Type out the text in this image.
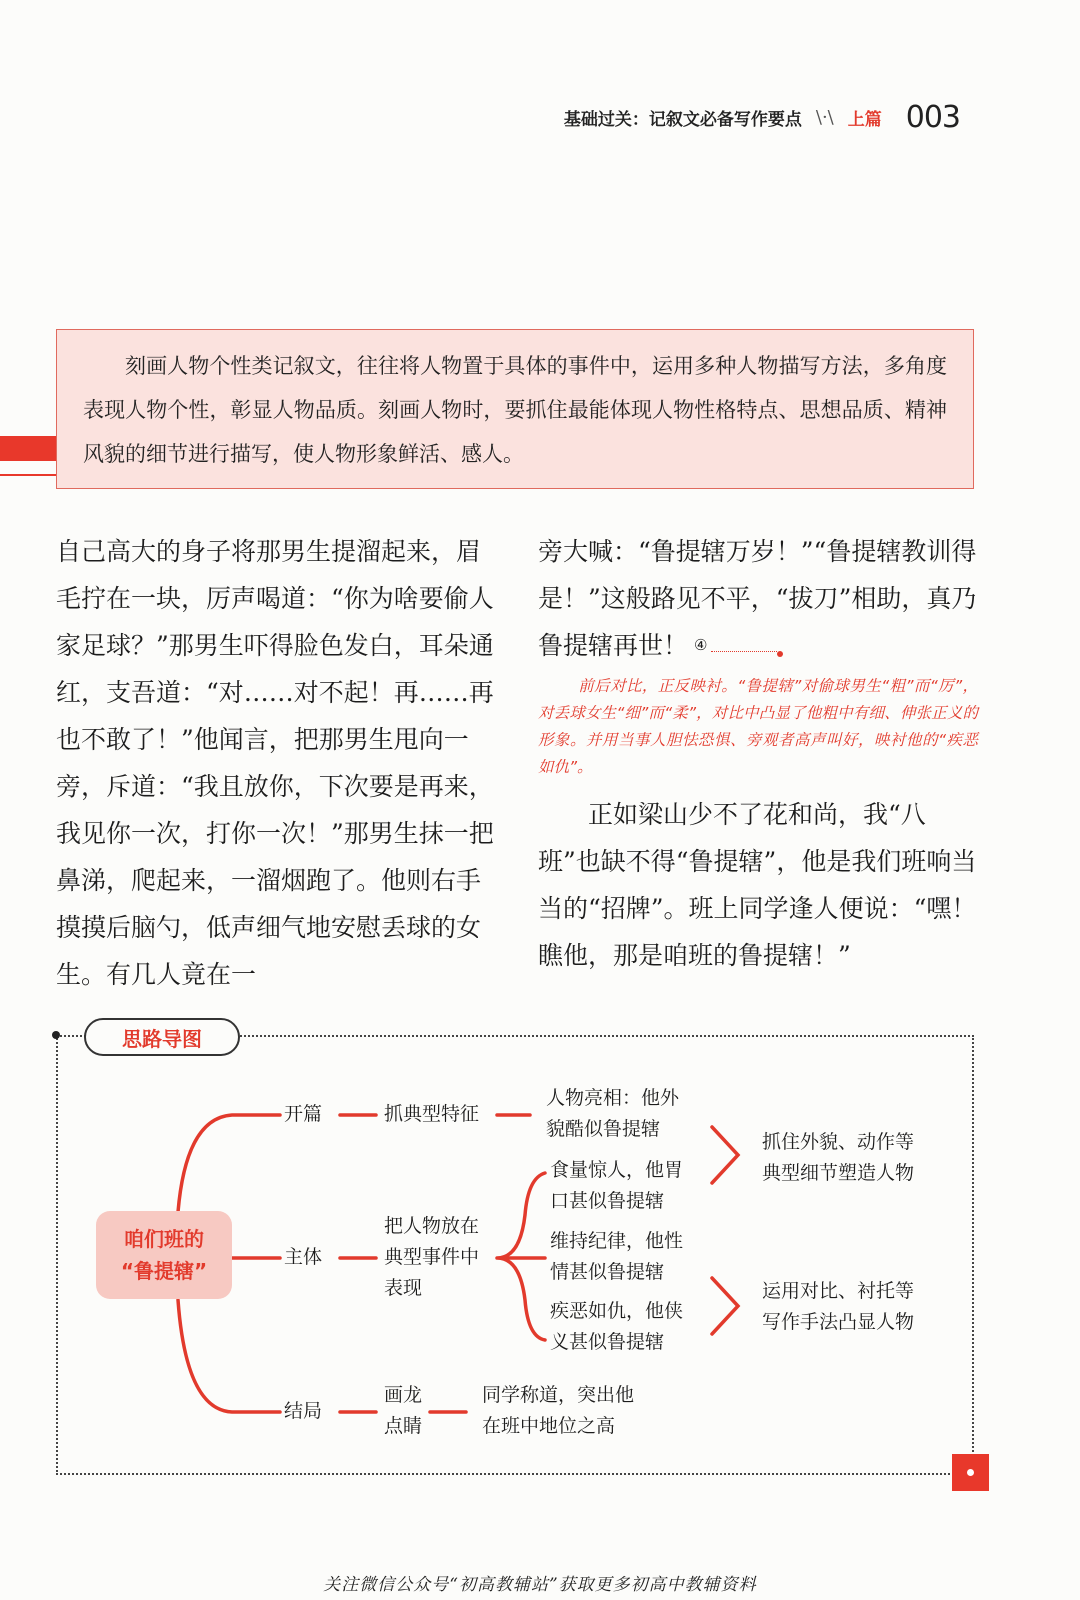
基础过关：记叙文必备写作要点 \·\ 上篇 003
刻画人物个性类记叙文，往往将人物置于具体的事件中，运用多种人物描写方法，多角度表现人物个性，彰显人物品质。刻画人物时，要抓住最能体现人物性格特点、思想品质、精神风貌的细节进行描写，使人物形象鲜活、感人。

自己高大的身子将那男生提溜起来，眉毛拧在一块，厉声喝道：“你为啥要偷人家足球？”那男生吓得脸色发白，耳朵通红，支吾道：“对……对不起！再……再也不敢了！”他闻言，把那男生甩向一旁，斥道：“我且放你，下次要是再来，我见你一次，打你一次！”那男生抹一把鼻涕，爬起来，一溜烟跑了。他则右手摸摸后脑勺，低声细气地安慰丢球的女生。有几人竟在一

旁大喊：“鲁提辖万岁！”“鲁提辖教训得是！”这般路见不平，“拔刀”相助，真乃鲁提辖再世！ ④

前后对比，正反映衬。“鲁提辖”对偷球男生“粗”而“厉”，对丢球女生“细”而“柔”，对比中凸显了他粗中有细、伸张正义的形象。并用当事人胆怯恐惧、旁观者高声叫好，映衬他的“疾恶如仇”。

正如梁山少不了花和尚，我“八班”也缺不得“鲁提辖”，他是我们班响当当的“招牌”。班上同学逢人便说：“嘿！瞧他，那是咱班的鲁提辖！”

思路导图
咱们班的
“鲁提辖”
开篇
主体
结局
抓典型特征
人物亮相：他外
貌酷似鲁提辖
把人物放在
典型事件中
表现
食量惊人，他胃
口甚似鲁提辖
维持纪律，他性
情甚似鲁提辖
疾恶如仇，他侠
义甚似鲁提辖
抓住外貌、动作等
典型细节塑造人物
运用对比、衬托等
写作手法凸显人物
画龙
点睛
同学称道，突出他
在班中地位之高
关注微信公众号“初高教辅站”获取更多初高中教辅资料
